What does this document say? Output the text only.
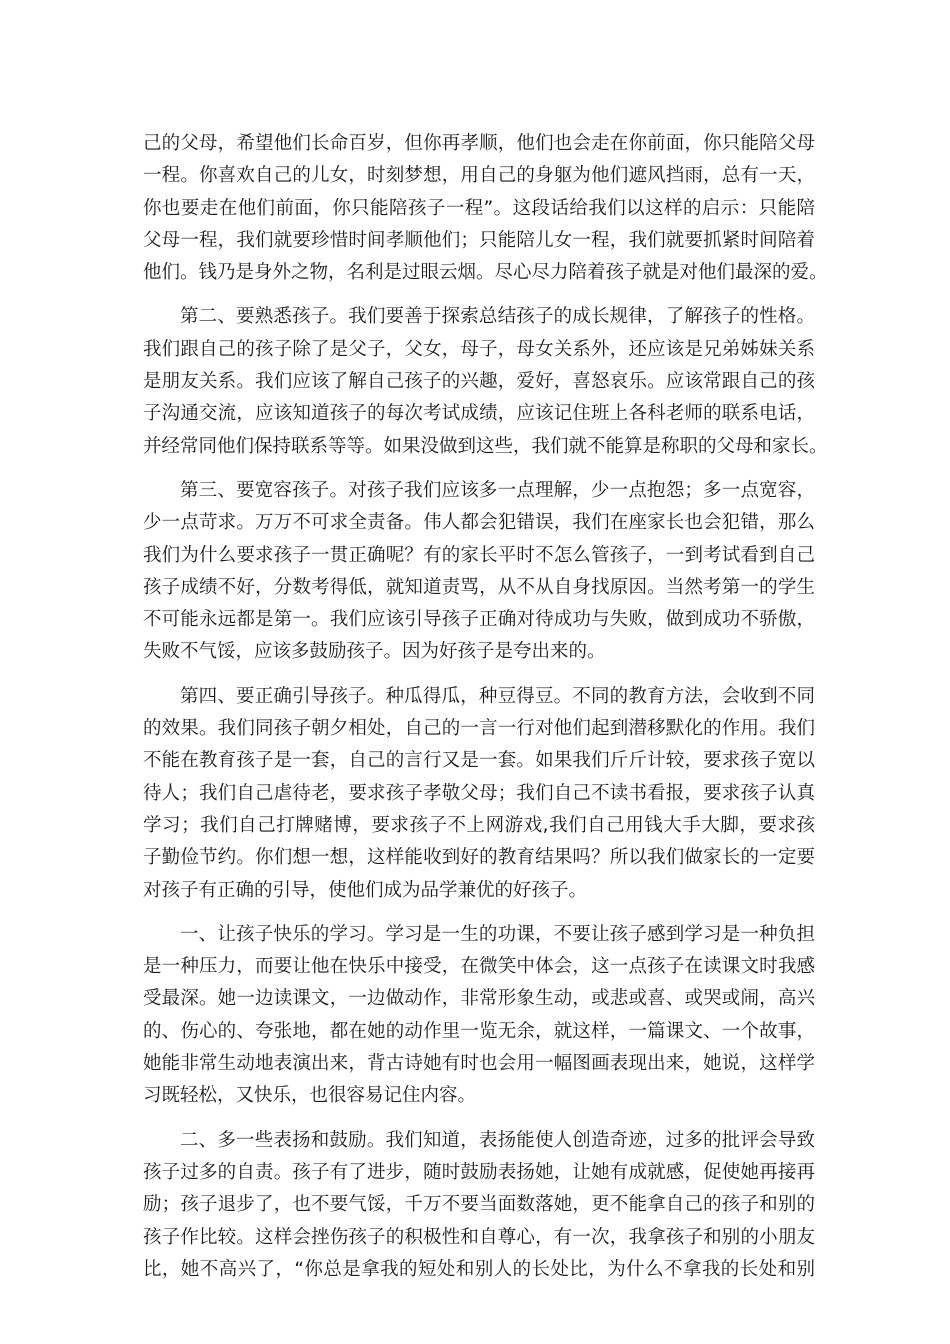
己的父母，希望他们长命百岁，但你再孝顺，他们也会走在你前面，你只能陪父母
一程。你喜欢自己的儿女，时刻梦想，用自己的身躯为他们遮风挡雨，总有一天，
你也要走在他们前面，你只能陪孩子一程”。这段话给我们以这样的启示：只能陪
父母一程，我们就要珍惜时间孝顺他们；只能陪儿女一程，我们就要抓紧时间陪着
他们。钱乃是身外之物，名利是过眼云烟。尽心尽力陪着孩子就是对他们最深的爱。
第二、要熟悉孩子。我们要善于探索总结孩子的成长规律，了解孩子的性格。
我们跟自己的孩子除了是父子，父女，母子，母女关系外，还应该是兄弟姊妹关系
是朋友关系。我们应该了解自己孩子的兴趣，爱好，喜怒哀乐。应该常跟自己的孩
子沟通交流，应该知道孩子的每次考试成绩，应该记住班上各科老师的联系电话，
并经常同他们保持联系等等。如果没做到这些，我们就不能算是称职的父母和家长。
第三、要宽容孩子。对孩子我们应该多一点理解，少一点抱怨；多一点宽容，
少一点苛求。万万不可求全责备。伟人都会犯错误，我们在座家长也会犯错，那么
我们为什么要求孩子一贯正确呢？有的家长平时不怎么管孩子，一到考试看到自己
孩子成绩不好，分数考得低，就知道责骂，从不从自身找原因。当然考第一的学生
不可能永远都是第一。我们应该引导孩子正确对待成功与失败，做到成功不骄傲，
失败不气馁，应该多鼓励孩子。因为好孩子是夸出来的。
第四、要正确引导孩子。种瓜得瓜，种豆得豆。不同的教育方法，会收到不同
的效果。我们同孩子朝夕相处，自己的一言一行对他们起到潜移默化的作用。我们
不能在教育孩子是一套，自己的言行又是一套。如果我们斤斤计较，要求孩子宽以
待人；我们自己虐待老，要求孩子孝敬父母；我们自己不读书看报，要求孩子认真
学习；我们自己打牌赌博，要求孩子不上网游戏,我们自己用钱大手大脚，要求孩
子勤俭节约。你们想一想，这样能收到好的教育结果吗？所以我们做家长的一定要
对孩子有正确的引导，使他们成为品学兼优的好孩子。
一、让孩子快乐的学习。学习是一生的功课，不要让孩子感到学习是一种负担
是一种压力，而要让他在快乐中接受，在微笑中体会，这一点孩子在读课文时我感
受最深。她一边读课文，一边做动作，非常形象生动，或悲或喜、或哭或闹，高兴
的、伤心的、夸张地，都在她的动作里一览无余，就这样，一篇课文、一个故事，
她能非常生动地表演出来，背古诗她有时也会用一幅图画表现出来，她说，这样学
习既轻松，又快乐，也很容易记住内容。
二、多一些表扬和鼓励。我们知道，表扬能使人创造奇迹，过多的批评会导致
孩子过多的自责。孩子有了进步，随时鼓励表扬她，让她有成就感，促使她再接再
励；孩子退步了，也不要气馁，千万不要当面数落她，更不能拿自己的孩子和别的
孩子作比较。这样会挫伤孩子的积极性和自尊心，有一次，我拿孩子和别的小朋友
比，她不高兴了，“你总是拿我的短处和别人的长处比，为什么不拿我的长处和别
